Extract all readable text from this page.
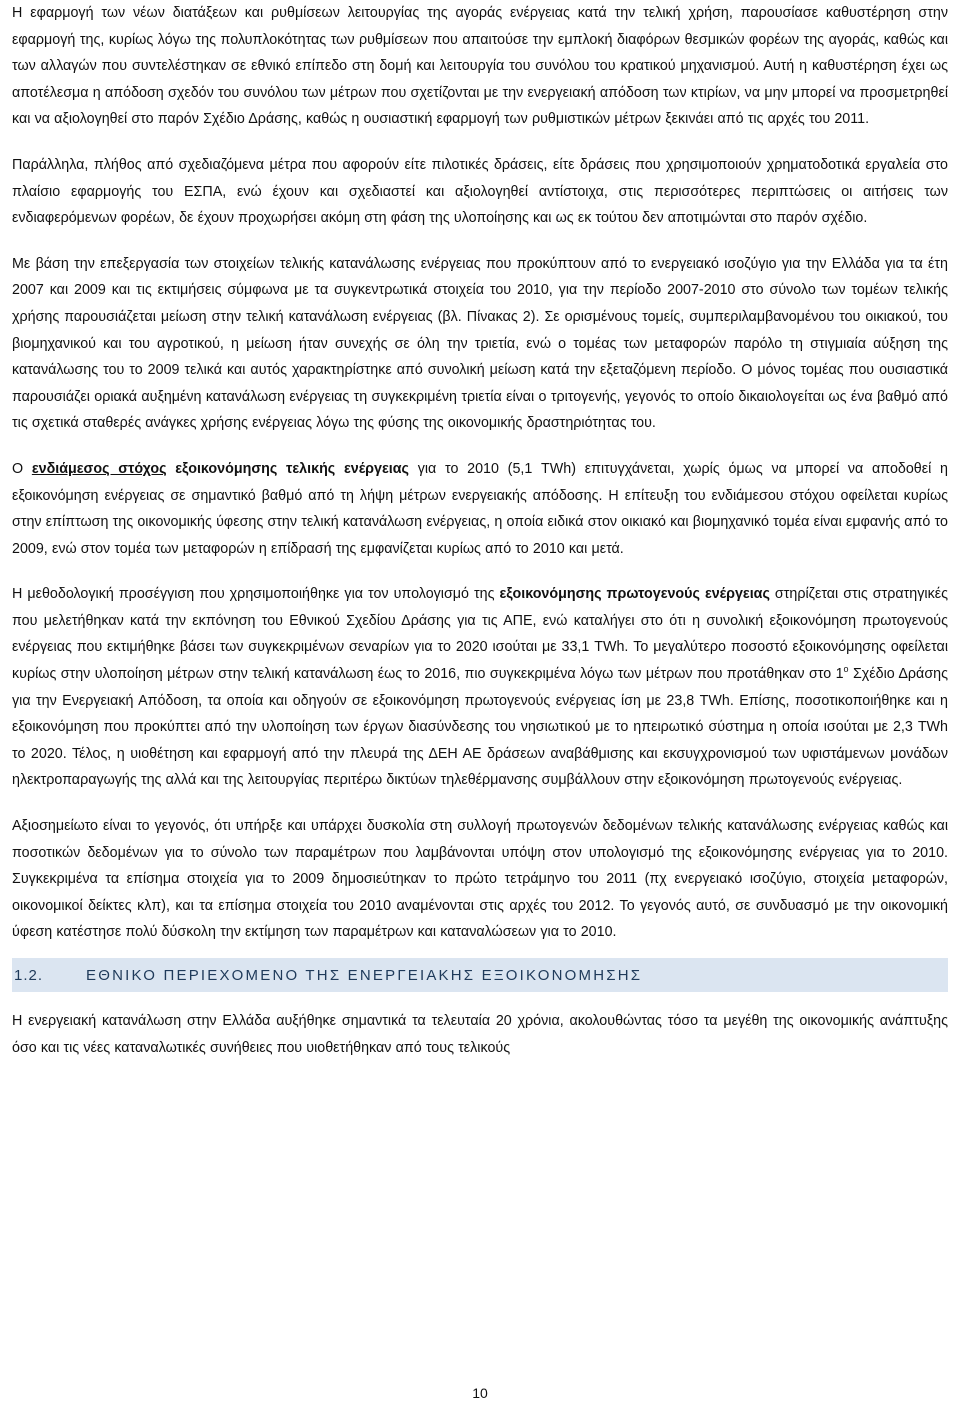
Η εφαρμογή των νέων διατάξεων και ρυθμίσεων λειτουργίας της αγοράς ενέργειας κατά την τελική χρήση, παρουσίασε καθυστέρηση στην εφαρμογή της, κυρίως λόγω της πολυπλοκότητας των ρυθμίσεων που απαιτούσε την εμπλοκή διαφόρων θεσμικών φορέων της αγοράς, καθώς και των αλλαγών που συντελέστηκαν σε εθνικό επίπεδο στη δομή και λειτουργία του συνόλου του κρατικού μηχανισμού. Αυτή η καθυστέρηση έχει ως αποτέλεσμα η απόδοση σχεδόν του συνόλου των μέτρων που σχετίζονται με την ενεργειακή απόδοση των κτιρίων, να μην μπορεί να προσμετρηθεί και να αξιολογηθεί στο παρόν Σχέδιο Δράσης, καθώς η ουσιαστική εφαρμογή των ρυθμιστικών μέτρων ξεκινάει από τις αρχές του 2011.

Παράλληλα, πλήθος από σχεδιαζόμενα μέτρα που αφορούν είτε πιλοτικές δράσεις, είτε δράσεις που χρησιμοποιούν χρηματοδοτικά εργαλεία στο πλαίσιο εφαρμογής του ΕΣΠΑ, ενώ έχουν και σχεδιαστεί και αξιολογηθεί αντίστοιχα, στις περισσότερες περιπτώσεις οι αιτήσεις των ενδιαφερόμενων φορέων, δε έχουν προχωρήσει ακόμη στη φάση της υλοποίησης και ως εκ τούτου δεν αποτιμώνται στο παρόν σχέδιο.

Με βάση την επεξεργασία των στοιχείων τελικής κατανάλωσης ενέργειας που προκύπτουν από το ενεργειακό ισοζύγιο για την Ελλάδα για τα έτη 2007 και 2009 και τις εκτιμήσεις σύμφωνα με τα συγκεντρωτικά στοιχεία του 2010, για την περίοδο 2007-2010 στο σύνολο των τομέων τελικής χρήσης παρουσιάζεται μείωση στην τελική κατανάλωση ενέργειας (βλ. Πίνακας 2). Σε ορισμένους τομείς, συμπεριλαμβανομένου του οικιακού, του βιομηχανικού και του αγροτικού, η μείωση ήταν συνεχής σε όλη την τριετία, ενώ ο τομέας των μεταφορών παρόλο τη στιγμιαία αύξηση της κατανάλωσης του το 2009 τελικά και αυτός χαρακτηρίστηκε από συνολική μείωση κατά την εξεταζόμενη περίοδο. Ο μόνος τομέας που ουσιαστικά παρουσιάζει οριακά αυξημένη κατανάλωση ενέργειας τη συγκεκριμένη τριετία είναι ο τριτογενής, γεγονός το οποίο δικαιολογείται ως ένα βαθμό από τις σχετικά σταθερές ανάγκες χρήσης ενέργειας λόγω της φύσης της οικονομικής δραστηριότητας του.

Ο ενδιάμεσος στόχος εξοικονόμησης τελικής ενέργειας για το 2010 (5,1 TWh) επιτυγχάνεται, χωρίς όμως να μπορεί να αποδοθεί η εξοικονόμηση ενέργειας σε σημαντικό βαθμό από τη λήψη μέτρων ενεργειακής απόδοσης. Η επίτευξη του ενδιάμεσου στόχου οφείλεται κυρίως στην επίπτωση της οικονομικής ύφεσης στην τελική κατανάλωση ενέργειας, η οποία ειδικά στον οικιακό και βιομηχανικό τομέα είναι εμφανής από το 2009, ενώ στον τομέα των μεταφορών η επίδρασή της εμφανίζεται κυρίως από το 2010 και μετά.

Η μεθοδολογική προσέγγιση που χρησιμοποιήθηκε για τον υπολογισμό της εξοικονόμησης πρωτογενούς ενέργειας στηρίζεται στις στρατηγικές που μελετήθηκαν κατά την εκπόνηση του Εθνικού Σχεδίου Δράσης για τις ΑΠΕ, ενώ καταλήγει στο ότι η συνολική εξοικονόμηση πρωτογενούς ενέργειας που εκτιμήθηκε βάσει των συγκεκριμένων σεναρίων για το 2020 ισούται με 33,1 TWh. Το μεγαλύτερο ποσοστό εξοικονόμησης οφείλεται κυρίως στην υλοποίηση μέτρων στην τελική κατανάλωση έως το 2016, πιο συγκεκριμένα λόγω των μέτρων που προτάθηκαν στο $1^o$ Σχέδιο Δράσης για την Ενεργειακή Απόδοση, τα οποία και οδηγούν σε εξοικονόμηση πρωτογενούς ενέργειας ίση με 23,8 TWh. Επίσης, ποσοτικοποιήθηκε και η εξοικονόμηση που προκύπτει από την υλοποίηση των έργων διασύνδεσης του νησιωτικού με το ηπειρωτικό σύστημα η οποία ισούται με 2,3 TWh το 2020. Τέλος, η υιοθέτηση και εφαρμογή από την πλευρά της ΔΕΗ ΑΕ δράσεων αναβάθμισης και εκσυγχρονισμού των υφιστάμενων μονάδων ηλεκτροπαραγωγής της αλλά και της λειτουργίας περιτέρω δικτύων τηλεθέρμανσης συμβάλλουν στην εξοικονόμηση πρωτογενούς ενέργειας.

Αξιοσημείωτο είναι το γεγονός, ότι υπήρξε και υπάρχει δυσκολία στη συλλογή πρωτογενών δεδομένων τελικής κατανάλωσης ενέργειας καθώς και ποσοτικών δεδομένων για το σύνολο των παραμέτρων που λαμβάνονται υπόψη στον υπολογισμό της εξοικονόμησης ενέργειας για το 2010. Συγκεκριμένα τα επίσημα στοιχεία για το 2009 δημοσιεύτηκαν το πρώτο τετράμηνο του 2011 (πχ ενεργειακό ισοζύγιο, στοιχεία μεταφορών, οικονομικοί δείκτες κλπ), και τα επίσημα στοιχεία του 2010 αναμένονται στις αρχές του 2012. Το γεγονός αυτό, σε συνδυασμό με την οικονομική ύφεση κατέστησε πολύ δύσκολη την εκτίμηση των παραμέτρων και καταναλώσεων για το 2010.

1.2.	ΕΘΝΙΚΟ ΠΕΡΙΕΧΟΜΕΝΟ ΤΗΣ ΕΝΕΡΓΕΙΑΚΗΣ ΕΞΟΙΚΟΝΟΜΗΣΗΣ

Η ενεργειακή κατανάλωση στην Ελλάδα αυξήθηκε σημαντικά τα τελευταία 20 χρόνια, ακολουθώντας τόσο τα μεγέθη της οικονομικής ανάπτυξης όσο και τις νέες καταναλωτικές συνήθειες που υιοθετήθηκαν από τους τελικούς

10
